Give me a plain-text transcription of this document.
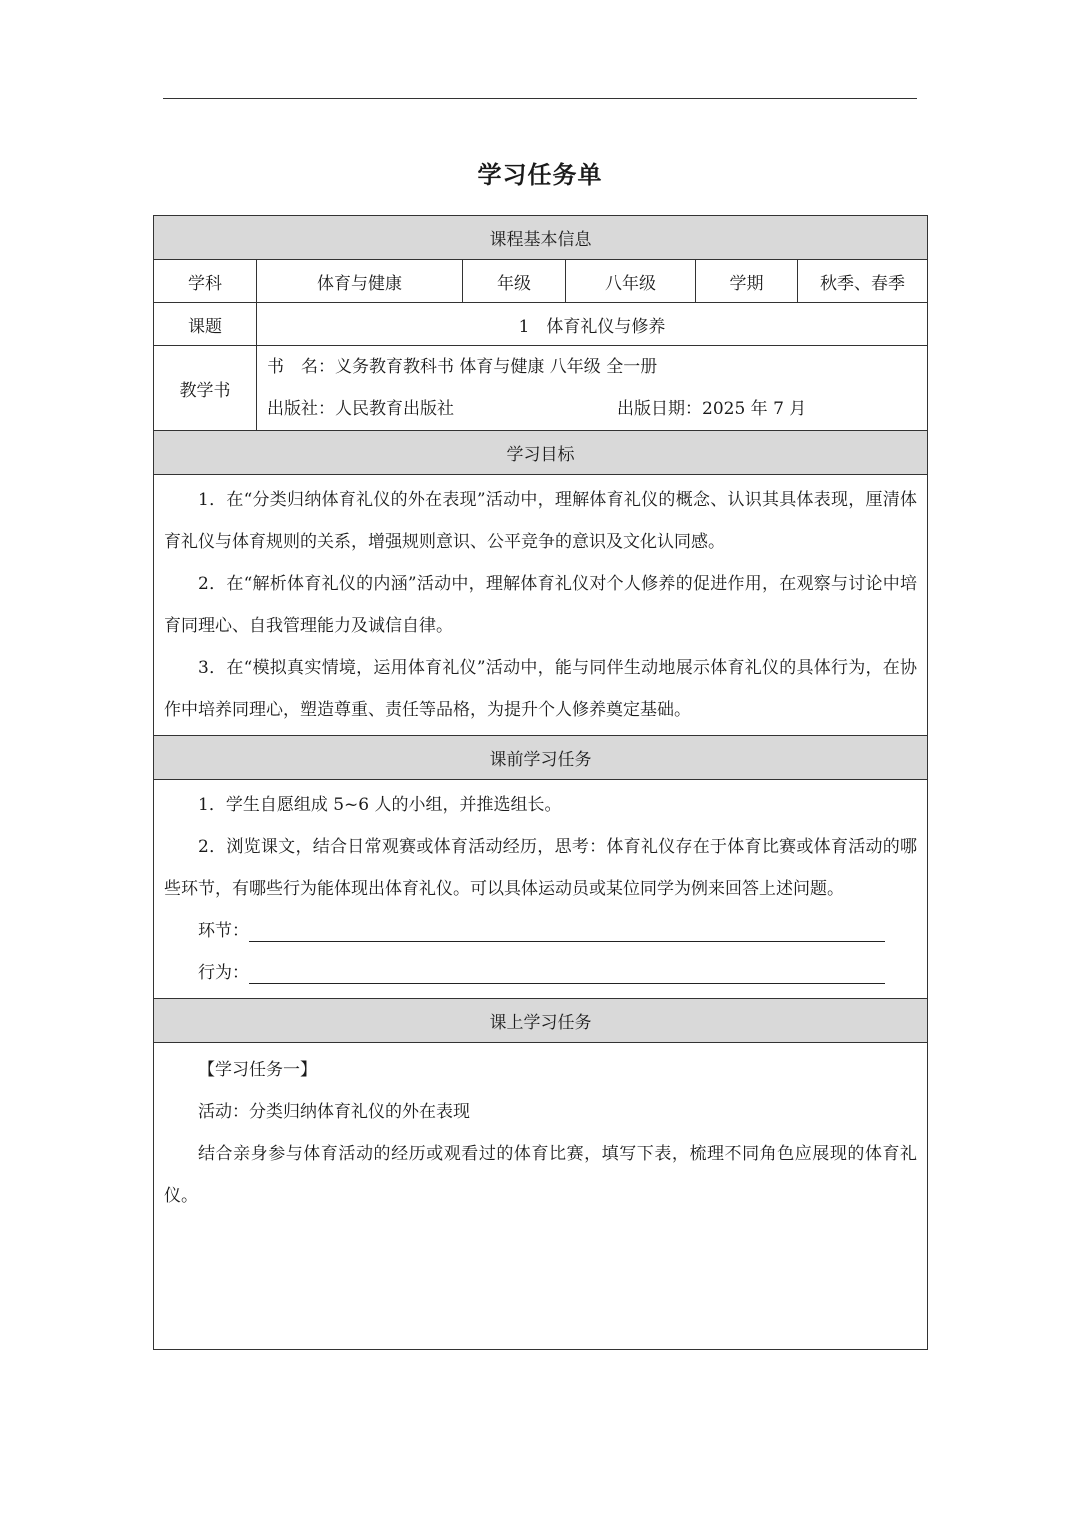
学习任务单
课程基本信息					
学科	体育与健康	年级	八年级	学期	秋季、春季
课题	1　体育礼仪与修养				
教学书	书　名：义务教育教科书 体育与健康 八年级 全一册
出版社：人民教育出版社 出版日期：2025 年 7 月				

学习目标					

1．在“分类归纳体育礼仪的外在表现”活动中，理解体育礼仪的概念、认识其具体表现，厘清体育礼仪与体育规则的关系，增强规则意识、公平竞争的意识及文化认同感。

2．在“解析体育礼仪的内涵”活动中，理解体育礼仪对个人修养的促进作用，在观察与讨论中培育同理心、自我管理能力及诚信自律。

3．在“模拟真实情境，运用体育礼仪”活动中，能与同伴生动地展示体育礼仪的具体行为，在协作中培养同理心，塑造尊重、责任等品格，为提升个人修养奠定基础。					

课前学习任务					

1．学生自愿组成 5~6 人的小组，并推选组长。

2．浏览课文，结合日常观赛或体育活动经历，思考：体育礼仪存在于体育比赛或体育活动的哪些环节，有哪些行为能体现出体育礼仪。可以具体运动员或某位同学为例来回答上述问题。

环节：
行为：					

课上学习任务					

【学习任务一】

活动：分类归纳体育礼仪的外在表现

结合亲身参与体育活动的经历或观看过的体育比赛，填写下表，梳理不同角色应展现的体育礼仪。					
